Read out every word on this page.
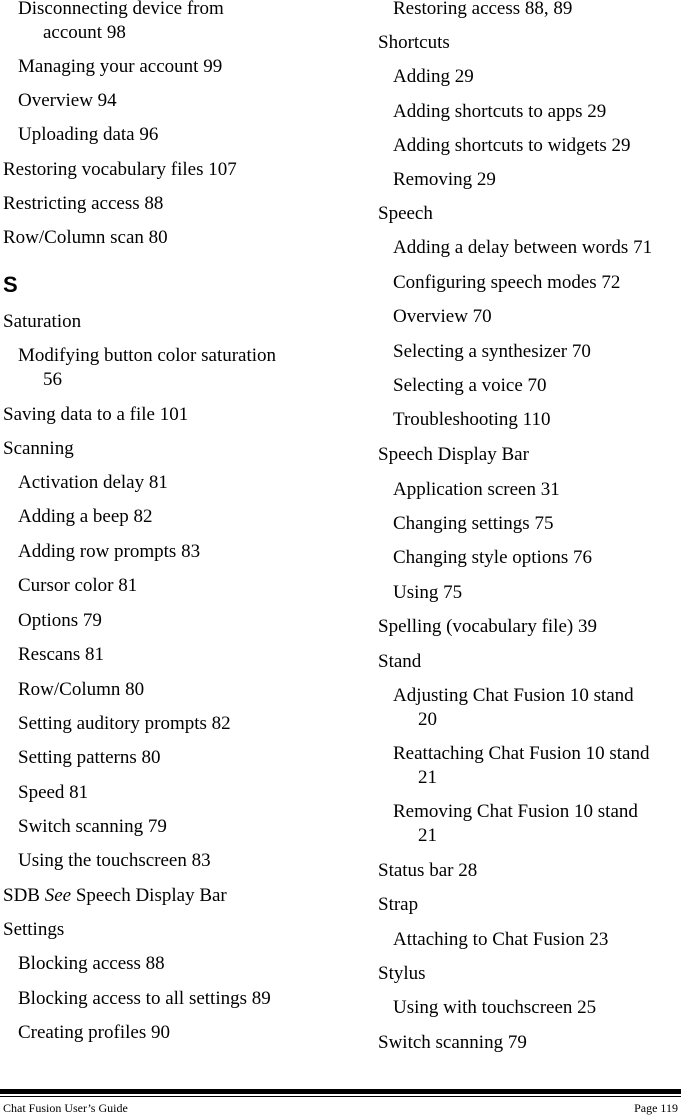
Disconnecting device from
account 98
Managing your account 99
Overview 94
Uploading data 96
Restoring vocabulary files 107
Restricting access 88
Row/Column scan 80
S
Saturation
Modifying button color saturation
56
Saving data to a file 101
Scanning
Activation delay 81
Adding a beep 82
Adding row prompts 83
Cursor color 81
Options 79
Rescans 81
Row/Column 80
Setting auditory prompts 82
Setting patterns 80
Speed 81
Switch scanning 79
Using the touchscreen 83
SDB See Speech Display Bar
Settings
Blocking access 88
Blocking access to all settings 89
Creating profiles 90
Restoring access 88, 89
Shortcuts
Adding 29
Adding shortcuts to apps 29
Adding shortcuts to widgets 29
Removing 29
Speech
Adding a delay between words 71
Configuring speech modes 72
Overview 70
Selecting a synthesizer 70
Selecting a voice 70
Troubleshooting 110
Speech Display Bar
Application screen 31
Changing settings 75
Changing style options 76
Using 75
Spelling (vocabulary file) 39
Stand
Adjusting Chat Fusion 10 stand
20
Reattaching Chat Fusion 10 stand
21
Removing Chat Fusion 10 stand
21
Status bar 28
Strap
Attaching to Chat Fusion 23
Stylus
Using with touchscreen 25
Switch scanning 79
Chat Fusion User’s Guide	Page 119
